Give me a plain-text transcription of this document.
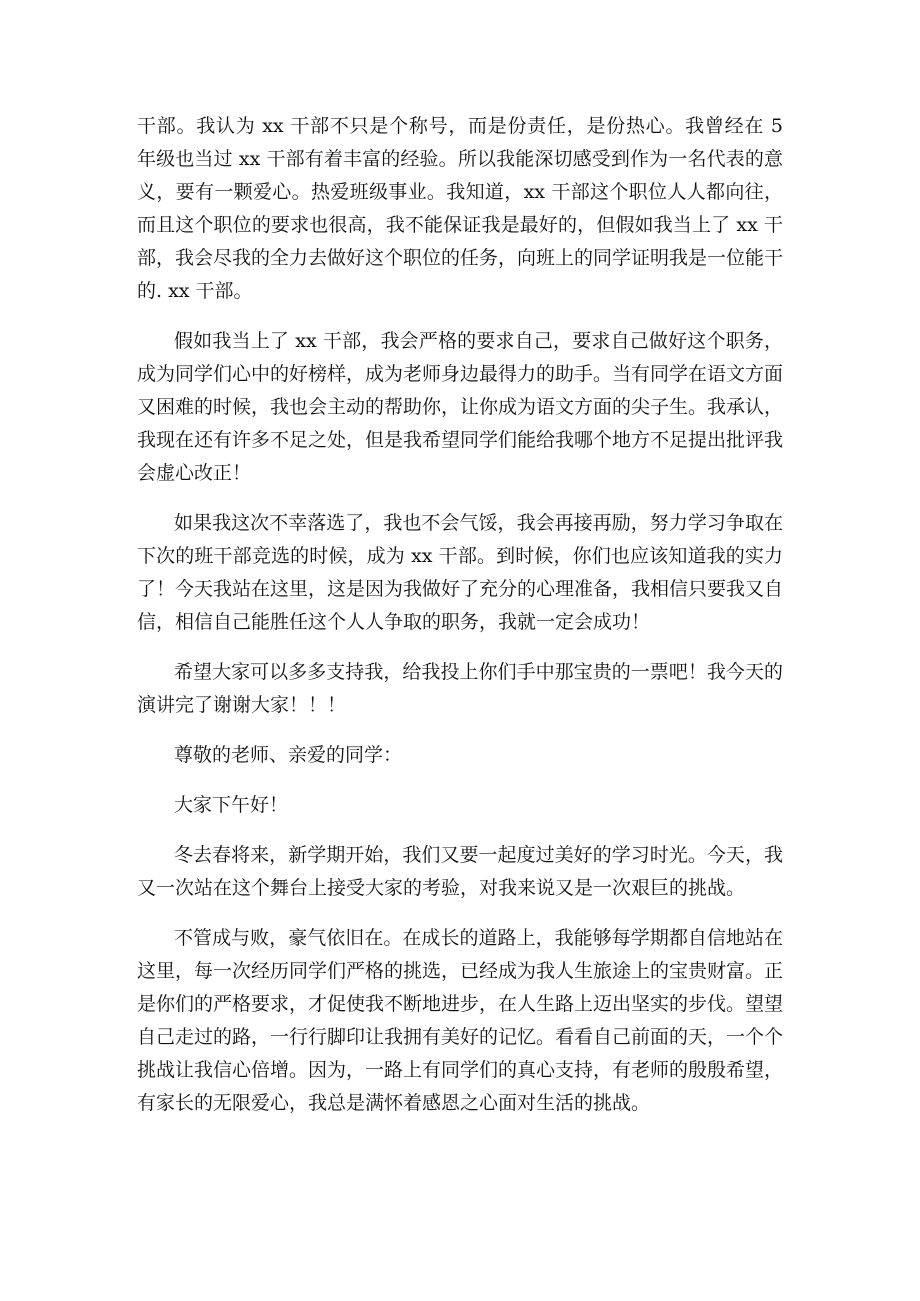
干部。我认为 xx 干部不只是个称号，而是份责任，是份热心。我曾经在 5 年级也当过 xx 干部有着丰富的经验。所以我能深切感受到作为一名代表的意义，要有一颗爱心。热爱班级事业。我知道，xx 干部这个职位人人都向往，而且这个职位的要求也很高，我不能保证我是最好的，但假如我当上了 xx 干部，我会尽我的全力去做好这个职位的任务，向班上的同学证明我是一位能干的. xx 干部。

假如我当上了 xx 干部，我会严格的要求自己，要求自己做好这个职务，成为同学们心中的好榜样，成为老师身边最得力的助手。当有同学在语文方面又困难的时候，我也会主动的帮助你，让你成为语文方面的尖子生。我承认，我现在还有许多不足之处，但是我希望同学们能给我哪个地方不足提出批评我会虚心改正！

如果我这次不幸落选了，我也不会气馁，我会再接再励，努力学习争取在下次的班干部竞选的时候，成为 xx 干部。到时候，你们也应该知道我的实力了！今天我站在这里，这是因为我做好了充分的心理准备，我相信只要我又自信，相信自己能胜任这个人人争取的职务，我就一定会成功！

希望大家可以多多支持我，给我投上你们手中那宝贵的一票吧！我今天的演讲完了谢谢大家！！！

尊敬的老师、亲爱的同学：

大家下午好！

冬去春将来，新学期开始，我们又要一起度过美好的学习时光。今天，我又一次站在这个舞台上接受大家的考验，对我来说又是一次艰巨的挑战。

不管成与败，豪气依旧在。在成长的道路上，我能够每学期都自信地站在这里，每一次经历同学们严格的挑选，已经成为我人生旅途上的宝贵财富。正是你们的严格要求，才促使我不断地进步，在人生路上迈出坚实的步伐。望望自己走过的路，一行行脚印让我拥有美好的记忆。看看自己前面的天，一个个挑战让我信心倍增。因为，一路上有同学们的真心支持，有老师的殷殷希望，有家长的无限爱心，我总是满怀着感恩之心面对生活的挑战。
